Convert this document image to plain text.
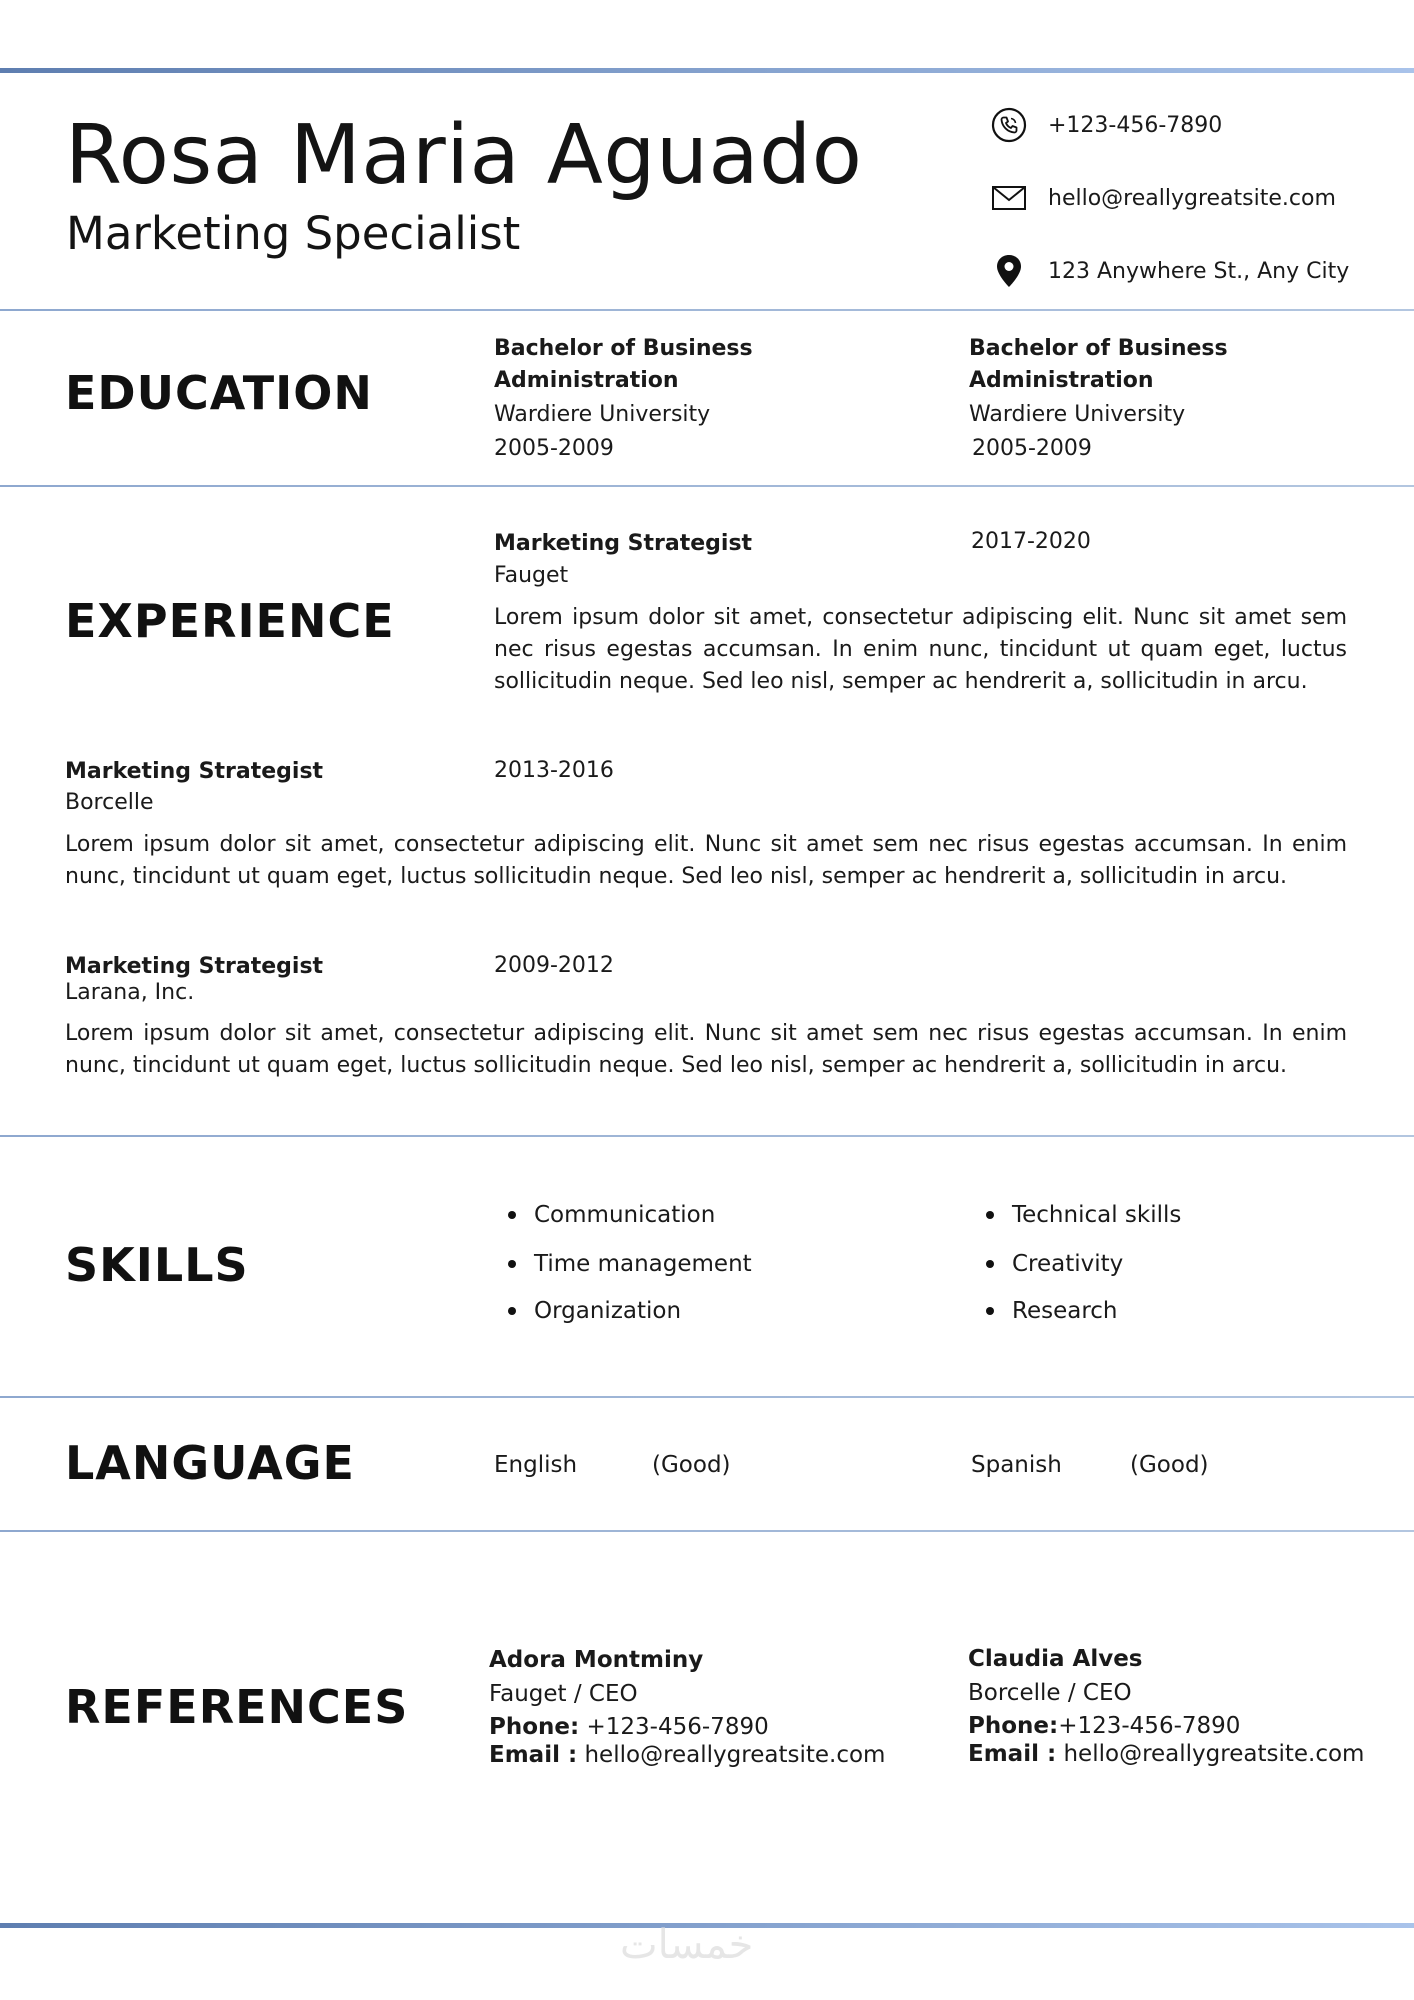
Rosa Maria Aguado
Marketing Specialist
+123-456-7890
hello@reallygreatsite.com
123 Anywhere St., Any City
EDUCATION
Bachelor of Business
Administration
Wardiere University
2005-2009
Bachelor of Business
Administration
Wardiere University
2005-2009
EXPERIENCE
Marketing Strategist	2017-2020
Fauget
Lorem ipsum dolor sit amet, consectetur adipiscing elit. Nunc sit amet sem nec risus egestas accumsan. In enim nunc, tincidunt ut quam eget, luctus sollicitudin neque. Sed leo nisl, semper ac hendrerit a, sollicitudin in arcu.
Marketing Strategist	2013-2016
Borcelle
Lorem ipsum dolor sit amet, consectetur adipiscing elit. Nunc sit amet sem nec risus egestas accumsan. In enim nunc, tincidunt ut quam eget, luctus sollicitudin neque. Sed leo nisl, semper ac hendrerit a, sollicitudin in arcu.
Marketing Strategist	2009-2012
Larana, Inc.
Lorem ipsum dolor sit amet, consectetur adipiscing elit. Nunc sit amet sem nec risus egestas accumsan. In enim nunc, tincidunt ut quam eget, luctus sollicitudin neque. Sed leo nisl, semper ac hendrerit a, sollicitudin in arcu.
SKILLS
Communication
Time management
Organization
Technical skills
Creativity
Research
LANGUAGE	English	(Good)	Spanish	(Good)
REFERENCES
Adora Montminy
Fauget / CEO
Phone: +123-456-7890
Email : hello@reallygreatsite.com
Claudia Alves
Borcelle / CEO
Phone:+123-456-7890
Email : hello@reallygreatsite.com
خمسات
